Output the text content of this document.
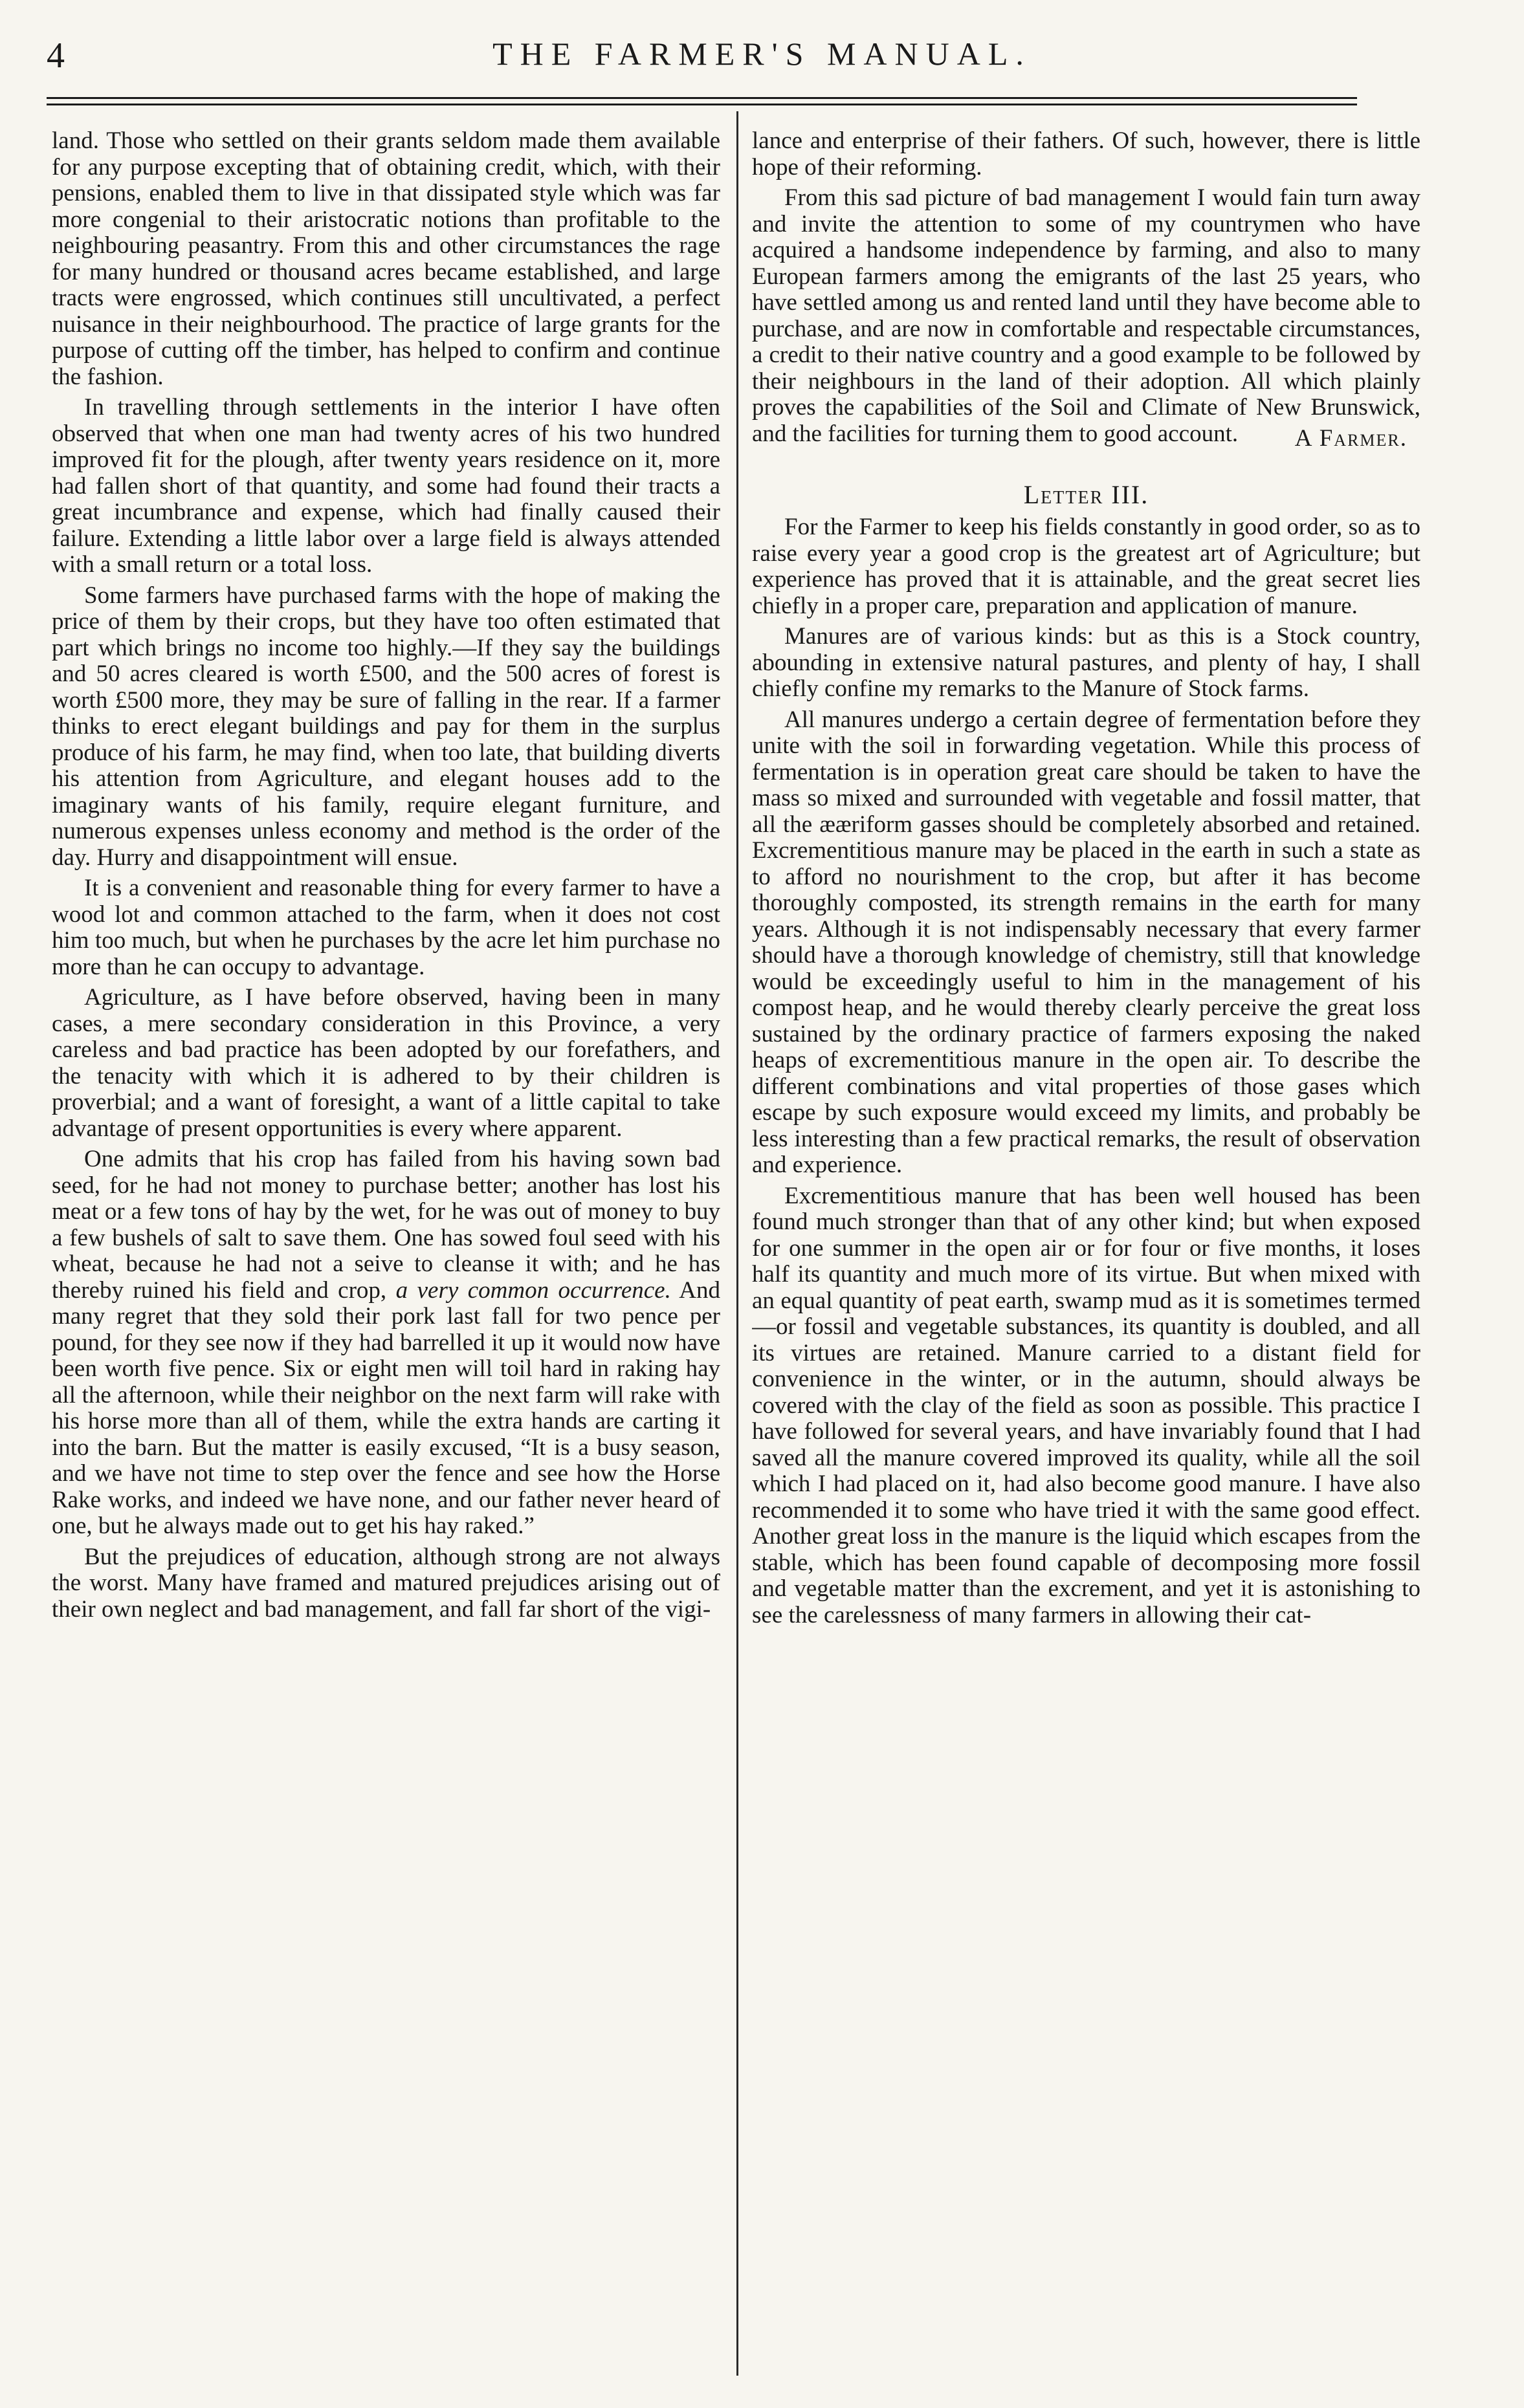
4	THE FARMER'S MANUAL.

land. Those who settled on their grants seldom made them available for any purpose excepting that of obtaining credit, which, with their pensions, enabled them to live in that dissipated style which was far more congenial to their aristocratic notions than profitable to the neighbouring peasantry. From this and other circumstances the rage for many hundred or thousand acres became established, and large tracts were engrossed, which continues still uncultivated, a perfect nuisance in their neighbourhood. The practice of large grants for the purpose of cutting off the timber, has helped to confirm and continue the fashion.

In travelling through settlements in the interior I have often observed that when one man had twenty acres of his two hundred improved fit for the plough, after twenty years residence on it, more had fallen short of that quantity, and some had found their tracts a great incumbrance and expense, which had finally caused their failure. Extending a little labor over a large field is always attended with a small return or a total loss.

Some farmers have purchased farms with the hope of making the price of them by their crops, but they have too often estimated that part which brings no income too highly.—If they say the buildings and 50 acres cleared is worth £500, and the 500 acres of forest is worth £500 more, they may be sure of falling in the rear. If a farmer thinks to erect elegant buildings and pay for them in the surplus produce of his farm, he may find, when too late, that building diverts his attention from Agriculture, and elegant houses add to the imaginary wants of his family, require elegant furniture, and numerous expenses unless economy and method is the order of the day. Hurry and disappointment will ensue.

It is a convenient and reasonable thing for every farmer to have a wood lot and common attached to the farm, when it does not cost him too much, but when he purchases by the acre let him purchase no more than he can occupy to advantage.

Agriculture, as I have before observed, having been in many cases, a mere secondary consideration in this Province, a very careless and bad practice has been adopted by our forefathers, and the tenacity with which it is adhered to by their children is proverbial; and a want of foresight, a want of a little capital to take advantage of present opportunities is every where apparent.

One admits that his crop has failed from his having sown bad seed, for he had not money to purchase better; another has lost his meat or a few tons of hay by the wet, for he was out of money to buy a few bushels of salt to save them. One has sowed foul seed with his wheat, because he had not a seive to cleanse it with; and he has thereby ruined his field and crop, a very common occurrence. And many regret that they sold their pork last fall for two pence per pound, for they see now if they had barrelled it up it would now have been worth five pence. Six or eight men will toil hard in raking hay all the afternoon, while their neighbor on the next farm will rake with his horse more than all of them, while the extra hands are carting it into the barn. But the matter is easily excused, “It is a busy season, and we have not time to step over the fence and see how the Horse Rake works, and indeed we have none, and our father never heard of one, but he always made out to get his hay raked.”

But the prejudices of education, although strong are not always the worst. Many have framed and matured prejudices arising out of their own neglect and bad management, and fall far short of the vigi-

lance and enterprise of their fathers. Of such, however, there is little hope of their reforming.

From this sad picture of bad management I would fain turn away and invite the attention to some of my countrymen who have acquired a handsome independence by farming, and also to many European farmers among the emigrants of the last 25 years, who have settled among us and rented land until they have become able to purchase, and are now in comfortable and respectable circumstances, a credit to their native country and a good example to be followed by their neighbours in the land of their adoption. All which plainly proves the capabilities of the Soil and Climate of New Brunswick, and the facilities for turning them to good account.	A Farmer.
Letter III.

For the Farmer to keep his fields constantly in good order, so as to raise every year a good crop is the greatest art of Agriculture; but experience has proved that it is attainable, and the great secret lies chiefly in a proper care, preparation and application of manure.

Manures are of various kinds: but as this is a Stock country, abounding in extensive natural pastures, and plenty of hay, I shall chiefly confine my remarks to the Manure of Stock farms.

All manures undergo a certain degree of fermentation before they unite with the soil in forwarding vegetation. While this process of fermentation is in operation great care should be taken to have the mass so mixed and surrounded with vegetable and fossil matter, that all the ææriform gasses should be completely absorbed and retained. Excrementitious manure may be placed in the earth in such a state as to afford no nourishment to the crop, but after it has become thoroughly composted, its strength remains in the earth for many years. Although it is not indispensably necessary that every farmer should have a thorough knowledge of chemistry, still that knowledge would be exceedingly useful to him in the management of his compost heap, and he would thereby clearly perceive the great loss sustained by the ordinary practice of farmers exposing the naked heaps of excrementitious manure in the open air. To describe the different combinations and vital properties of those gases which escape by such exposure would exceed my limits, and probably be less interesting than a few practical remarks, the result of observation and experience.

Excrementitious manure that has been well housed has been found much stronger than that of any other kind; but when exposed for one summer in the open air or for four or five months, it loses half its quantity and much more of its virtue. But when mixed with an equal quantity of peat earth, swamp mud as it is sometimes termed—or fossil and vegetable substances, its quantity is doubled, and all its virtues are retained. Manure carried to a distant field for convenience in the winter, or in the autumn, should always be covered with the clay of the field as soon as possible. This practice I have followed for several years, and have invariably found that I had saved all the manure covered improved its quality, while all the soil which I had placed on it, had also become good manure. I have also recommended it to some who have tried it with the same good effect. Another great loss in the manure is the liquid which escapes from the stable, which has been found capable of decomposing more fossil and vegetable matter than the excrement, and yet it is astonishing to see the carelessness of many farmers in allowing their cat-
